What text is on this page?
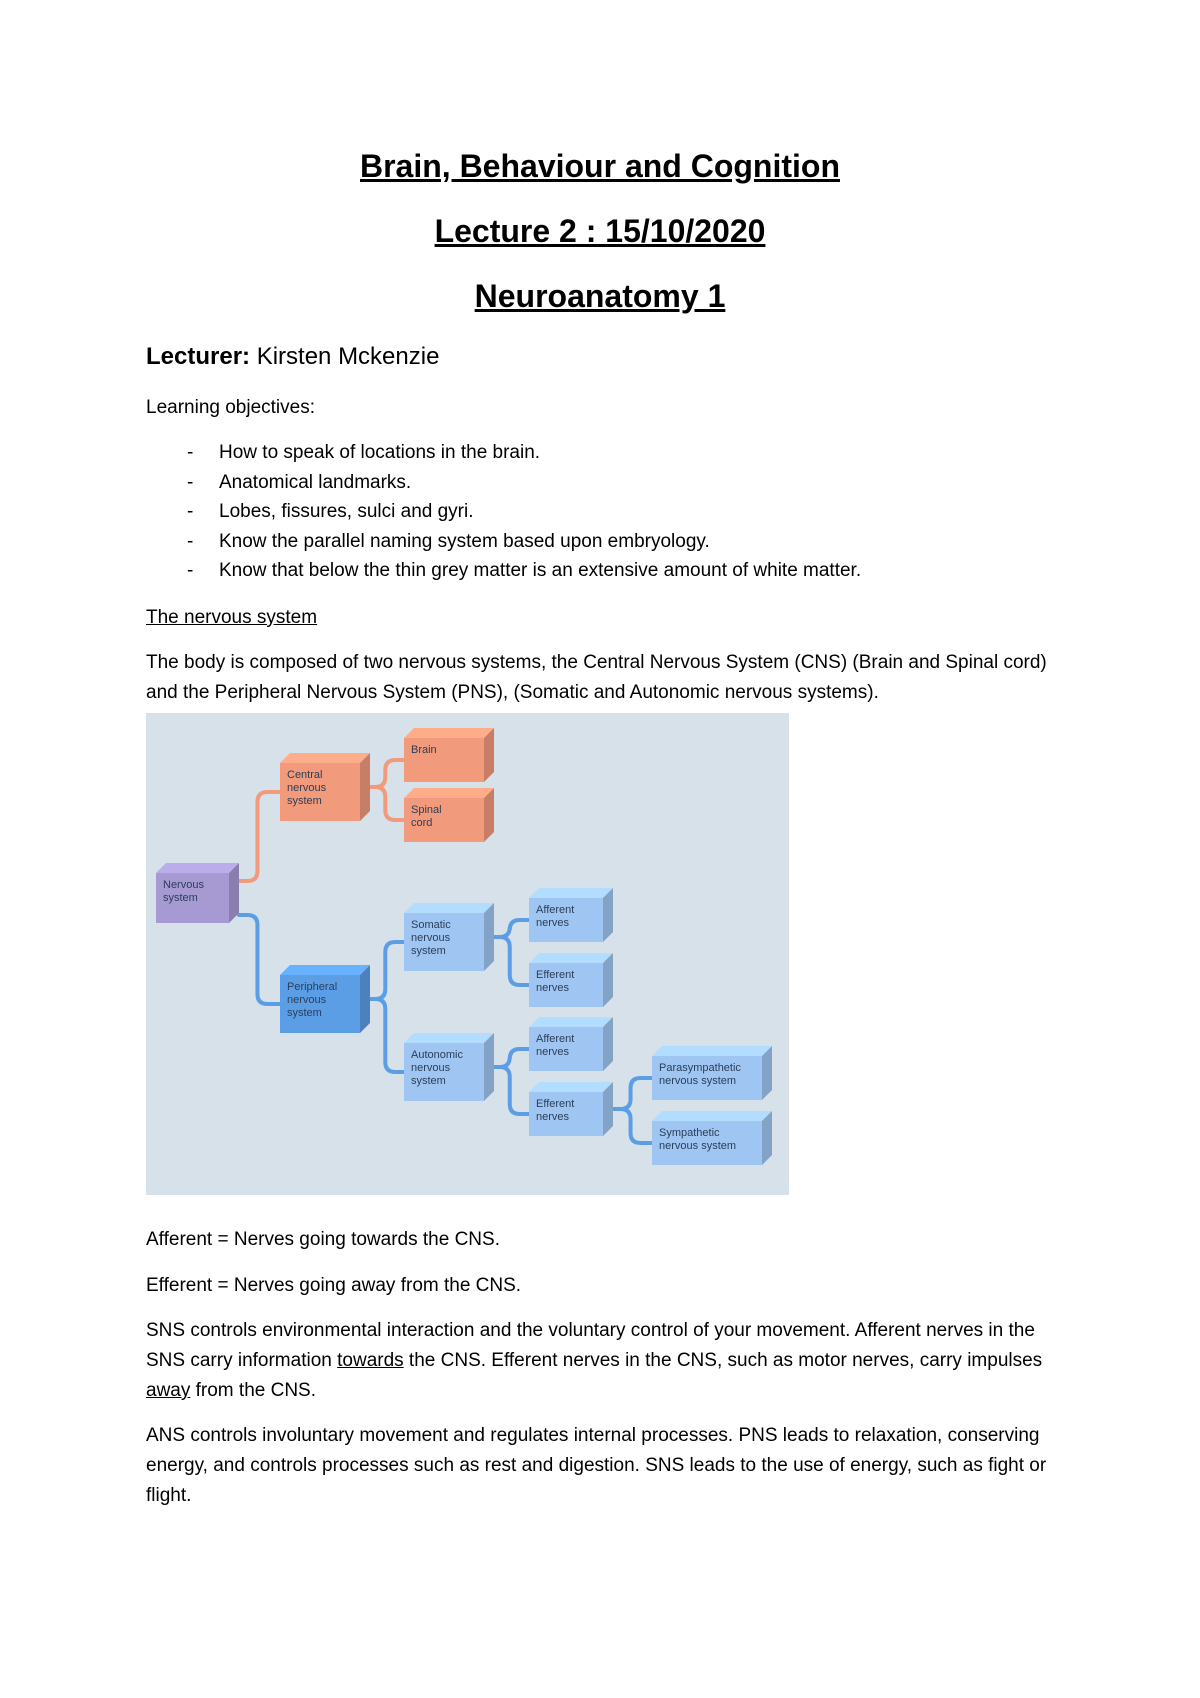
Brain, Behaviour and Cognition
Lecture 2 : 15/10/2020
Neuroanatomy 1
Lecturer: Kirsten Mckenzie
Learning objectives:
- How to speak of locations in the brain.
- Anatomical landmarks.
- Lobes, fissures, sulci and gyri.
- Know the parallel naming system based upon embryology.
- Know that below the thin grey matter is an extensive amount of white matter.
The nervous system
The body is composed of two nervous systems, the Central Nervous System (CNS) (Brain and Spinal cord) and the Peripheral Nervous System (PNS), (Somatic and Autonomic nervous systems).
Nervous
system
Central
nervous
system
Brain
Spinal
cord
Peripheral
nervous
system
Somatic
nervous
system
Autonomic
nervous
system
Afferent
nerves
Efferent
nerves
Afferent
nerves
Efferent
nerves
Parasympathetic
nervous system
Sympathetic
nervous system
Afferent = Nerves going towards the CNS.
Efferent = Nerves going away from the CNS.
SNS controls environmental interaction and the voluntary control of your movement. Afferent nerves in the SNS carry information towards the CNS. Efferent nerves in the CNS, such as motor nerves, carry impulses away from the CNS.
ANS controls involuntary movement and regulates internal processes. PNS leads to relaxation, conserving energy, and controls processes such as rest and digestion. SNS leads to the use of energy, such as fight or flight.
